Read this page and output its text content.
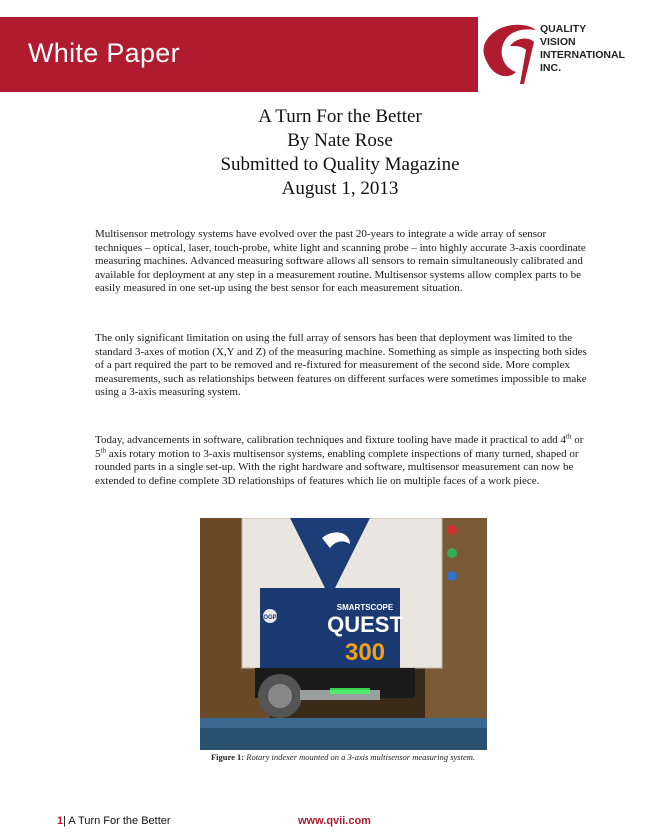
White Paper
QUALITY
VISION
INTERNATIONAL
INC.
A Turn For the Better
By Nate Rose
Submitted to Quality Magazine
August 1, 2013
Multisensor metrology systems have evolved over the past 20-years to integrate a wide array of sensor techniques – optical, laser, touch-probe, white light and scanning probe – into highly accurate 3-axis coordinate measuring machines. Advanced measuring software allows all sensors to remain simultaneously calibrated and available for deployment at any step in a measurement routine. Multisensor systems allow complex parts to be easily measured in one set-up using the best sensor for each measurement situation.
The only significant limitation on using the full array of sensors has been that deployment was limited to the standard 3-axes of motion (X,Y and Z) of the measuring machine. Something as simple as inspecting both sides of a part required the part to be removed and re-fixtured for measurement of the second side. More complex measurements, such as relationships between features on different surfaces were sometimes impossible to make using a 3-axis measuring system.
Today, advancements in software, calibration techniques and fixture tooling have made it practical to add 4th or 5th axis rotary motion to 3-axis multisensor systems, enabling complete inspections of many turned, shaped or rounded parts in a single set-up. With the right hardware and software, multisensor measurement can now be extended to define complete 3D relationships of features which lie on multiple faces of a work piece.
OGP
SMARTSCOPE
QUEST
300
Figure 1: Rotary indexer mounted on a 3-axis multisensor measuring system.
1| A Turn For the Better	www.qvii.com
